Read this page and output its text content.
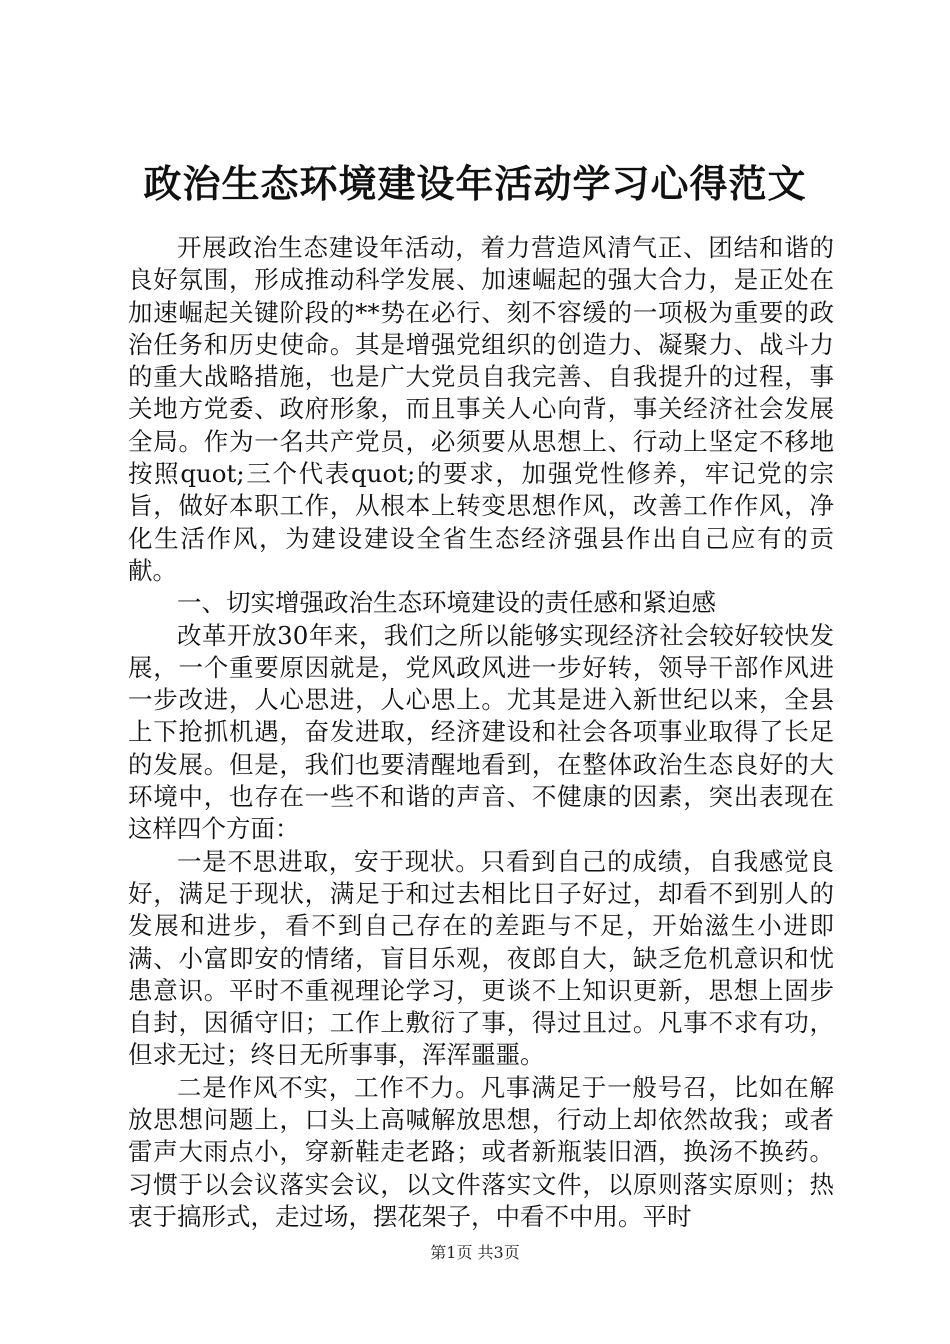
政治生态环境建设年活动学习心得范文

开展政治生态建设年活动，着力营造风清气正、团结和谐的良好氛围，形成推动科学发展、加速崛起的强大合力，是正处在加速崛起关键阶段的**势在必行、刻不容缓的一项极为重要的政治任务和历史使命。其是增强党组织的创造力、凝聚力、战斗力的重大战略措施，也是广大党员自我完善、自我提升的过程，事关地方党委、政府形象，而且事关人心向背，事关经济社会发展全局。作为一名共产党员，必须要从思想上、行动上坚定不移地按照quot;三个代表quot;的要求，加强党性修养，牢记党的宗旨，做好本职工作，从根本上转变思想作风，改善工作作风，净化生活作风，为建设建设全省生态经济强县作出自己应有的贡献。

一、切实增强政治生态环境建设的责任感和紧迫感

改革开放30年来，我们之所以能够实现经济社会较好较快发展，一个重要原因就是，党风政风进一步好转，领导干部作风进一步改进，人心思进，人心思上。尤其是进入新世纪以来，全县上下抢抓机遇，奋发进取，经济建设和社会各项事业取得了长足的发展。但是，我们也要清醒地看到，在整体政治生态良好的大环境中，也存在一些不和谐的声音、不健康的因素，突出表现在这样四个方面：

一是不思进取，安于现状。只看到自己的成绩，自我感觉良好，满足于现状，满足于和过去相比日子好过，却看不到别人的发展和进步，看不到自己存在的差距与不足，开始滋生小进即满、小富即安的情绪，盲目乐观，夜郎自大，缺乏危机意识和忧患意识。平时不重视理论学习，更谈不上知识更新，思想上固步自封，因循守旧；工作上敷衍了事，得过且过。凡事不求有功，但求无过；终日无所事事，浑浑噩噩。

二是作风不实，工作不力。凡事满足于一般号召，比如在解放思想问题上，口头上高喊解放思想，行动上却依然故我；或者雷声大雨点小，穿新鞋走老路；或者新瓶装旧酒，换汤不换药。习惯于以会议落实会议，以文件落实文件，以原则落实原则；热衷于搞形式，走过场，摆花架子，中看不中用。平时

第1页 共3页
